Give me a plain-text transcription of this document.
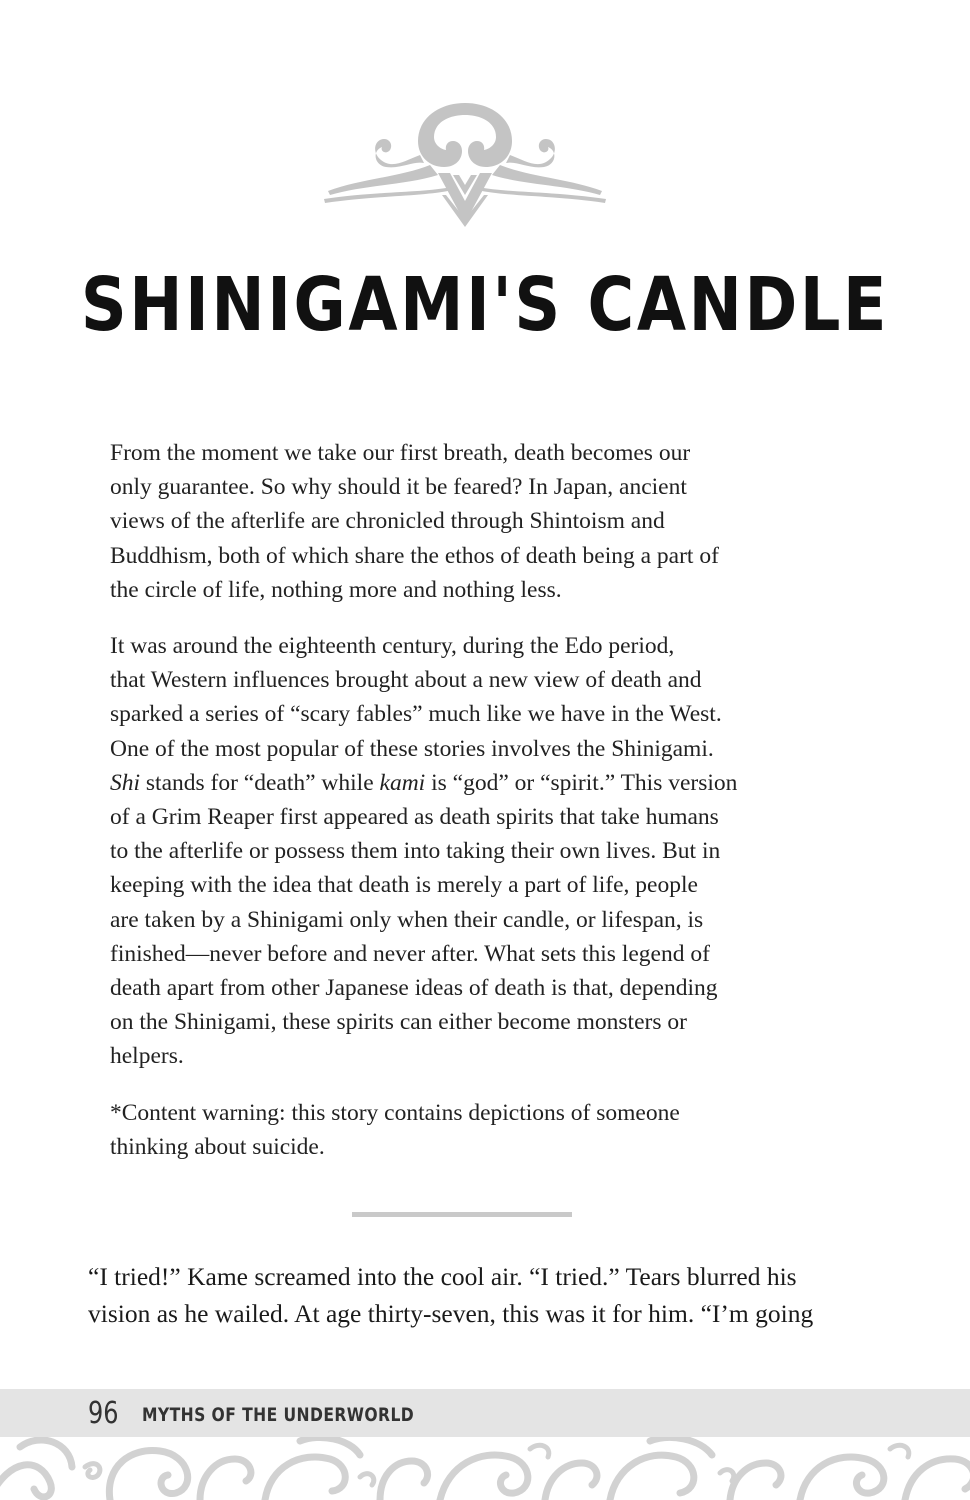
SHINIGAMI'S CANDLE

From the moment we take our first breath, death becomes our
only guarantee. So why should it be feared? In Japan, ancient
views of the afterlife are chronicled through Shintoism and
Buddhism, both of which share the ethos of death being a part of
the circle of life, nothing more and nothing less.

It was around the eighteenth century, during the Edo period,
that Western influences brought about a new view of death and
sparked a series of “scary fables” much like we have in the West.
One of the most popular of these stories involves the Shinigami.
Shi stands for “death” while kami is “god” or “spirit.” This version
of a Grim Reaper first appeared as death spirits that take humans
to the afterlife or possess them into taking their own lives. But in
keeping with the idea that death is merely a part of life, people
are taken by a Shinigami only when their candle, or lifespan, is
finished—never before and never after. What sets this legend of
death apart from other Japanese ideas of death is that, depending
on the Shinigami, these spirits can either become monsters or
helpers.

*Content warning: this story contains depictions of someone
thinking about suicide.

“I tried!” Kame screamed into the cool air. “I tried.” Tears blurred his
vision as he wailed. At age thirty-seven, this was it for him. “I’m going
96 MYTHS OF THE UNDERWORLD
